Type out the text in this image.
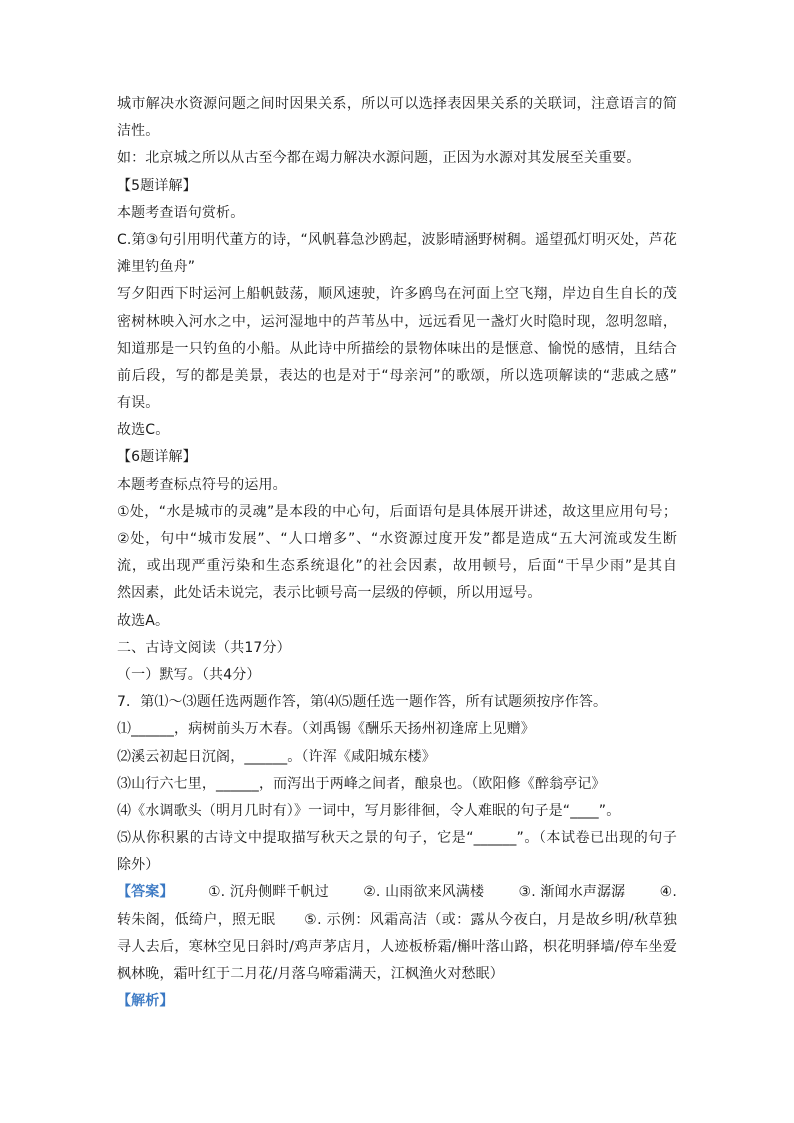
城市解决水资源问题之间时因果关系，所以可以选择表因果关系的关联词，注意语言的简
洁性。
如：北京城之所以从古至今都在竭力解决水源问题，正因为水源对其发展至关重要。
【5题详解】
本题考查语句赏析。
C.第③句引用明代董方的诗，“风帆暮急沙鸥起，波影晴涵野树稠。遥望孤灯明灭处，芦花
滩里钓鱼舟”
写夕阳西下时运河上船帆鼓荡，顺风速驶，许多鸥鸟在河面上空飞翔，岸边自生自长的茂
密树林映入河水之中，运河湿地中的芦苇丛中，远远看见一盏灯火时隐时现，忽明忽暗，
知道那是一只钓鱼的小船。从此诗中所描绘的景物体味出的是惬意、愉悦的感情，且结合
前后段，写的都是美景，表达的也是对于“母亲河”的歌颂，所以选项解读的“悲戚之感”
有误。
故选C。
【6题详解】
本题考查标点符号的运用。
①处，“水是城市的灵魂”是本段的中心句，后面语句是具体展开讲述，故这里应用句号；
②处，句中“城市发展”、“人口增多”、“水资源过度开发”都是造成“五大河流或发生断
流，或出现严重污染和生态系统退化”的社会因素，故用顿号，后面“干旱少雨”是其自
然因素，此处话未说完，表示比顿号高一层级的停顿，所以用逗号。
故选A。
二、古诗文阅读（共17分）
（一）默写。（共4分）
7．第⑴～⑶题任选两题作答，第⑷⑸题任选一题作答，所有试题须按序作答。
⑴______，病树前头万木春。（刘禹锡《酬乐天扬州初逢席上见赠》
⑵溪云初起日沉阁，______。（许浑《咸阳城东楼》
⑶山行六七里，______，而泻出于两峰之间者，酿泉也。（欧阳修《醉翁亭记》
⑷《水调歌头（明月几时有）》一词中，写月影徘徊，令人难眠的句子是“____”。
⑸从你积累的古诗文中提取描写秋天之景的句子，它是“______”。（本试卷已出现的句子
除外）
【答案】 ①. 沉舟侧畔千帆过 ②. 山雨欲来风满楼 ③. 渐闻水声潺潺 ④.
转朱阁，低绮户，照无眠　　⑤. 示例：风霜高洁（或：露从今夜白，月是故乡明/秋草独
寻人去后，寒林空见日斜时/鸡声茅店月，人迹板桥霜/槲叶落山路，枳花明驿墙/停车坐爱
枫林晚，霜叶红于二月花/月落乌啼霜满天，江枫渔火对愁眠）
【解析】
